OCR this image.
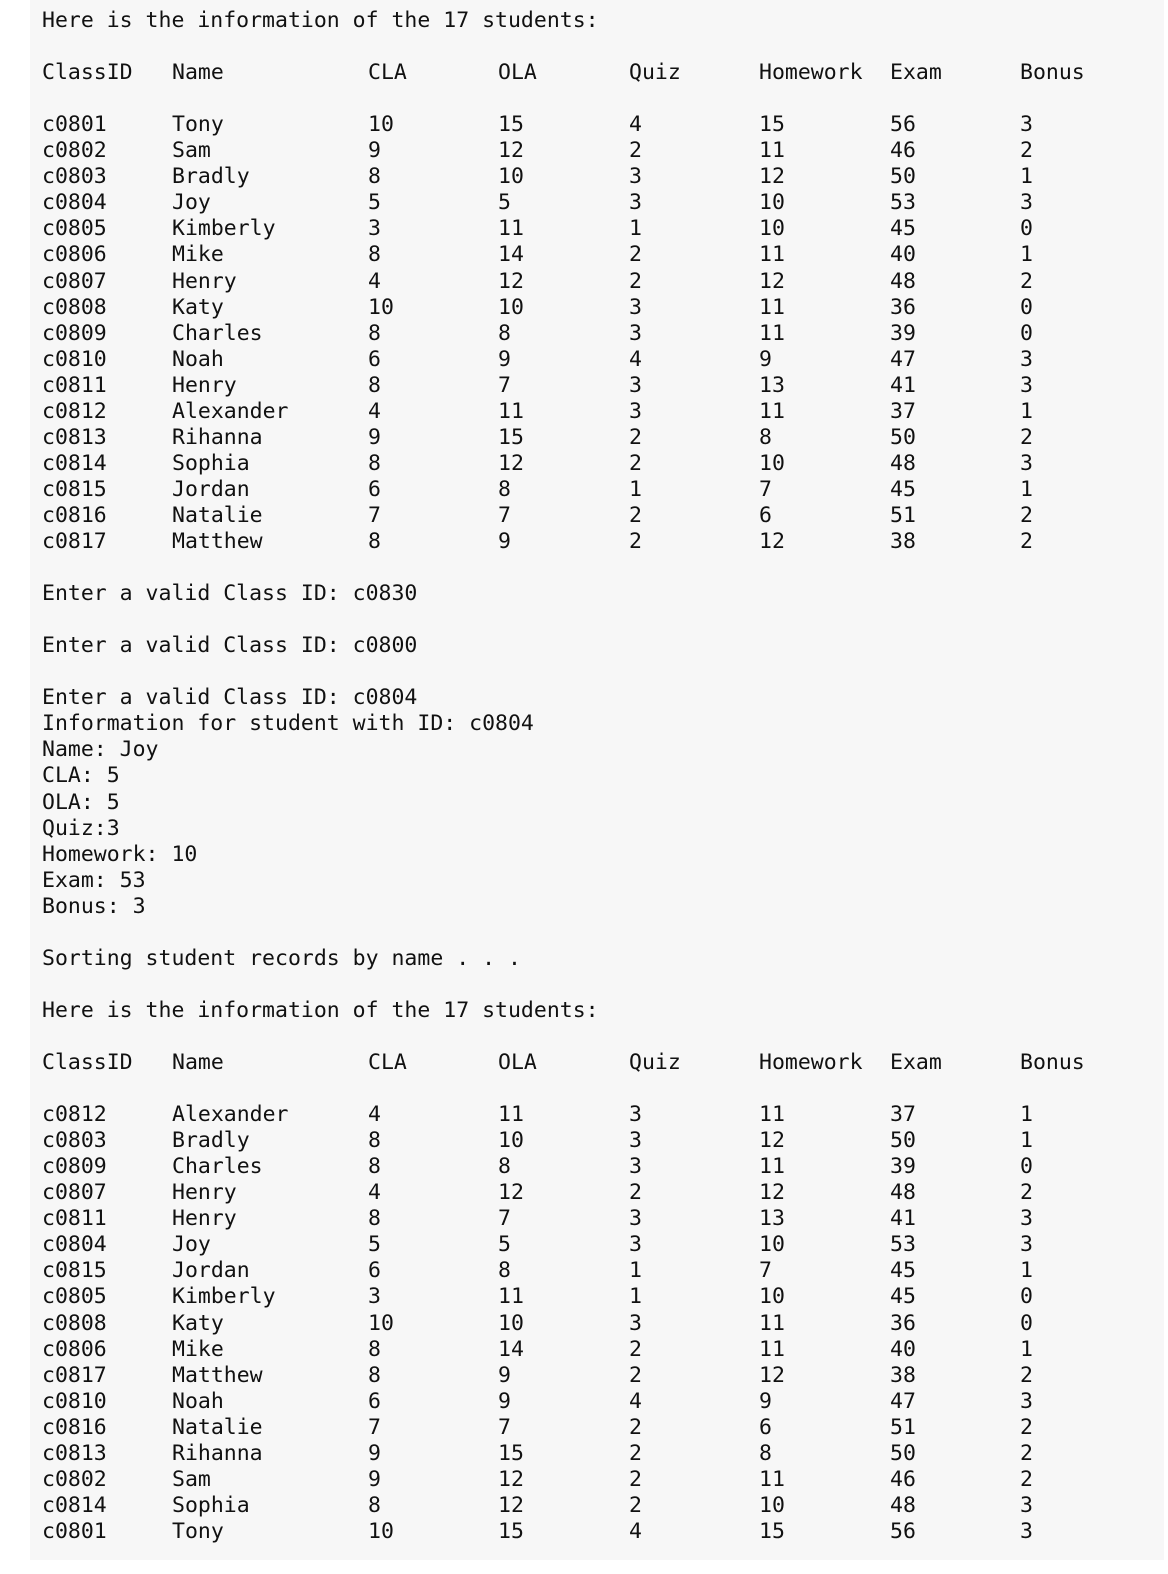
Here is the information of the 17 students:
ClassID Name	CLA	OLA	Quiz	Homework Exam	Bonus
c0801	Tony	10	15	4	15	56	3
c0802	Sam	9	12	2	11	46	2
c0803	Bradly	8	10	3	12	50	1
c0804	Joy	5	5	3	10	53	3
c0805	Kimberly	3	11	1	10	45	0
c0806	Mike	8	14	2	11	40	1
c0807	Henry	4	12	2	12	48	2
c0808	Katy	10	10	3	11	36	0
c0809	Charles	8	8	3	11	39	0
c0810	Noah	6	9	4	9	47	3
c0811	Henry	8	7	3	13	41	3
c0812	Alexander	4	11	3	11	37	1
c0813	Rihanna	9	15	2	8	50	2
c0814	Sophia	8	12	2	10	48	3
c0815	Jordan	6	8	1	7	45	1
c0816	Natalie	7	7	2	6	51	2
c0817	Matthew	8	9	2	12	38	2
Enter a valid Class ID: c0830
Enter a valid Class ID: c0800
Enter a valid Class ID: c0804
Information for student with ID: c0804
Name: Joy
CLA: 5
OLA: 5
Quiz:3
Homework: 10
Exam: 53
Bonus: 3
Sorting student records by name . . .
Here is the information of the 17 students:
ClassID Name	CLA	OLA	Quiz	Homework Exam	Bonus
c0812	Alexander	4	11	3	11	37	1
c0803	Bradly	8	10	3	12	50	1
c0809	Charles	8	8	3	11	39	0
c0807	Henry	4	12	2	12	48	2
c0811	Henry	8	7	3	13	41	3
c0804	Joy	5	5	3	10	53	3
c0815	Jordan	6	8	1	7	45	1
c0805	Kimberly	3	11	1	10	45	0
c0808	Katy	10	10	3	11	36	0
c0806	Mike	8	14	2	11	40	1
c0817	Matthew	8	9	2	12	38	2
c0810	Noah	6	9	4	9	47	3
c0816	Natalie	7	7	2	6	51	2
c0813	Rihanna	9	15	2	8	50	2
c0802	Sam	9	12	2	11	46	2
c0814	Sophia	8	12	2	10	48	3
c0801	Tony	10	15	4	15	56	3
